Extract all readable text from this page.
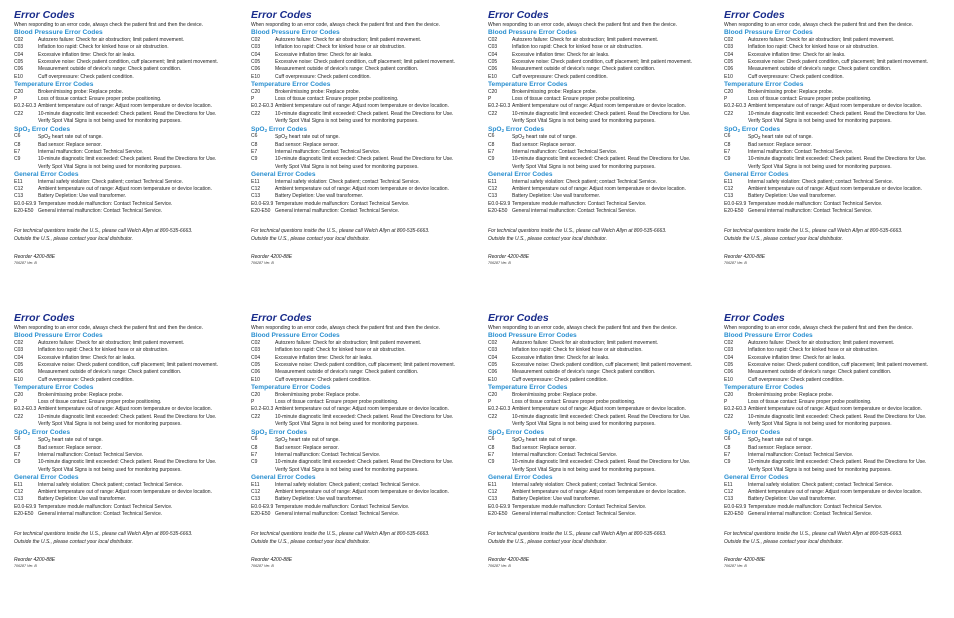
Error Codes
When responding to an error code, always check the patient first and then the device.
Blood Pressure Error Codes
C02	Autozero failure: Check for air obstruction; limit patient movement.
C03	Inflation too rapid: Check for kinked hose or air obstruction.
C04	Excessive inflation time: Check for air leaks.
C05	Excessive noise: Check patient condition, cuff placement; limit patient movement.
C06	Measurement outside of device's range: Check patient condition.
E10	Cuff overpressure: Check patient condition.
Temperature Error Codes
C20	Broken/missing probe: Replace probe.
P	Loss of tissue contact: Ensure proper probe positioning.
E0.2-E0.3 Ambient temperature out of range: Adjust room temperature or device location.
C22	10-minute diagnostic limit exceeded: Check patient. Read the Directions for Use.
Verify Spot Vital Signs is not being used for monitoring purposes.
SpO2 Error Codes
C6	SpO2 heart rate out of range.
C8	Bad sensor: Replace sensor.
E7	Internal malfunction: Contact Technical Service.
C9	10-minute diagnostic limit exceeded: Check patient. Read the Directions for Use.
Verify Spot Vital Signs is not being used for monitoring purposes.
General Error Codes
E11	Internal safety violation: Check patient; contact Technical Service.
C12	Ambient temperature out of range: Adjust room temperature or device location.
C13	Battery Depletion: Use wall transformer.
E0.0-E9.9 Temperature module malfunction: Contact Technical Service.
E20-E50 General internal malfunction: Contact Technical Service.
For technical questions inside the U.S., please call Welch Allyn at 800-535-6663.
Outside the U.S., please contact your local distributor.
Reorder 4200-88E
706287 Ver. B
Error Codes
When responding to an error code, always check the patient first and then the device.
Blood Pressure Error Codes
C02	Autozero failure: Check for air obstruction; limit patient movement.
C03	Inflation too rapid: Check for kinked hose or air obstruction.
C04	Excessive inflation time: Check for air leaks.
C05	Excessive noise: Check patient condition, cuff placement; limit patient movement.
C06	Measurement outside of device's range: Check patient condition.
E10	Cuff overpressure: Check patient condition.
Temperature Error Codes
C20	Broken/missing probe: Replace probe.
P	Loss of tissue contact: Ensure proper probe positioning.
E0.2-E0.3 Ambient temperature out of range: Adjust room temperature or device location.
C22	10-minute diagnostic limit exceeded: Check patient. Read the Directions for Use.
Verify Spot Vital Signs is not being used for monitoring purposes.
SpO2 Error Codes
C6	SpO2 heart rate out of range.
C8	Bad sensor: Replace sensor.
E7	Internal malfunction: Contact Technical Service.
C9	10-minute diagnostic limit exceeded: Check patient. Read the Directions for Use.
Verify Spot Vital Signs is not being used for monitoring purposes.
General Error Codes
E11	Internal safety violation: Check patient; contact Technical Service.
C12	Ambient temperature out of range: Adjust room temperature or device location.
C13	Battery Depletion: Use wall transformer.
E0.0-E9.9 Temperature module malfunction: Contact Technical Service.
E20-E50 General internal malfunction: Contact Technical Service.
For technical questions inside the U.S., please call Welch Allyn at 800-535-6663.
Outside the U.S., please contact your local distributor.
Reorder 4200-88E
706287 Ver. B
Error Codes
When responding to an error code, always check the patient first and then the device.
Blood Pressure Error Codes
C02	Autozero failure: Check for air obstruction; limit patient movement.
C03	Inflation too rapid: Check for kinked hose or air obstruction.
C04	Excessive inflation time: Check for air leaks.
C05	Excessive noise: Check patient condition, cuff placement; limit patient movement.
C06	Measurement outside of device's range: Check patient condition.
E10	Cuff overpressure: Check patient condition.
Temperature Error Codes
C20	Broken/missing probe: Replace probe.
P	Loss of tissue contact: Ensure proper probe positioning.
E0.2-E0.3 Ambient temperature out of range: Adjust room temperature or device location.
C22	10-minute diagnostic limit exceeded: Check patient. Read the Directions for Use.
Verify Spot Vital Signs is not being used for monitoring purposes.
SpO2 Error Codes
C6	SpO2 heart rate out of range.
C8	Bad sensor: Replace sensor.
E7	Internal malfunction: Contact Technical Service.
C9	10-minute diagnostic limit exceeded: Check patient. Read the Directions for Use.
Verify Spot Vital Signs is not being used for monitoring purposes.
General Error Codes
E11	Internal safety violation: Check patient; contact Technical Service.
C12	Ambient temperature out of range: Adjust room temperature or device location.
C13	Battery Depletion: Use wall transformer.
E0.0-E9.9 Temperature module malfunction: Contact Technical Service.
E20-E50 General internal malfunction: Contact Technical Service.
For technical questions inside the U.S., please call Welch Allyn at 800-535-6663.
Outside the U.S., please contact your local distributor.
Reorder 4200-88E
706287 Ver. B
Error Codes
When responding to an error code, always check the patient first and then the device.
Blood Pressure Error Codes
C02	Autozero failure: Check for air obstruction; limit patient movement.
C03	Inflation too rapid: Check for kinked hose or air obstruction.
C04	Excessive inflation time: Check for air leaks.
C05	Excessive noise: Check patient condition, cuff placement; limit patient movement.
C06	Measurement outside of device's range: Check patient condition.
E10	Cuff overpressure: Check patient condition.
Temperature Error Codes
C20	Broken/missing probe: Replace probe.
P	Loss of tissue contact: Ensure proper probe positioning.
E0.2-E0.3 Ambient temperature out of range: Adjust room temperature or device location.
C22	10-minute diagnostic limit exceeded: Check patient. Read the Directions for Use.
Verify Spot Vital Signs is not being used for monitoring purposes.
SpO2 Error Codes
C6	SpO2 heart rate out of range.
C8	Bad sensor: Replace sensor.
E7	Internal malfunction: Contact Technical Service.
C9	10-minute diagnostic limit exceeded: Check patient. Read the Directions for Use.
Verify Spot Vital Signs is not being used for monitoring purposes.
General Error Codes
E11	Internal safety violation: Check patient; contact Technical Service.
C12	Ambient temperature out of range: Adjust room temperature or device location.
C13	Battery Depletion: Use wall transformer.
E0.0-E9.9 Temperature module malfunction: Contact Technical Service.
E20-E50 General internal malfunction: Contact Technical Service.
For technical questions inside the U.S., please call Welch Allyn at 800-535-6663.
Outside the U.S., please contact your local distributor.
Reorder 4200-88E
706287 Ver. B
Error Codes
When responding to an error code, always check the patient first and then the device.
Blood Pressure Error Codes
C02	Autozero failure: Check for air obstruction; limit patient movement.
C03	Inflation too rapid: Check for kinked hose or air obstruction.
C04	Excessive inflation time: Check for air leaks.
C05	Excessive noise: Check patient condition, cuff placement; limit patient movement.
C06	Measurement outside of device's range: Check patient condition.
E10	Cuff overpressure: Check patient condition.
Temperature Error Codes
C20	Broken/missing probe: Replace probe.
P	Loss of tissue contact: Ensure proper probe positioning.
E0.2-E0.3 Ambient temperature out of range: Adjust room temperature or device location.
C22	10-minute diagnostic limit exceeded: Check patient. Read the Directions for Use.
Verify Spot Vital Signs is not being used for monitoring purposes.
SpO2 Error Codes
C6	SpO2 heart rate out of range.
C8	Bad sensor: Replace sensor.
E7	Internal malfunction: Contact Technical Service.
C9	10-minute diagnostic limit exceeded: Check patient. Read the Directions for Use.
Verify Spot Vital Signs is not being used for monitoring purposes.
General Error Codes
E11	Internal safety violation: Check patient; contact Technical Service.
C12	Ambient temperature out of range: Adjust room temperature or device location.
C13	Battery Depletion: Use wall transformer.
E0.0-E9.9 Temperature module malfunction: Contact Technical Service.
E20-E50 General internal malfunction: Contact Technical Service.
For technical questions inside the U.S., please call Welch Allyn at 800-535-6663.
Outside the U.S., please contact your local distributor.
Reorder 4200-88E
706287 Ver. B
Error Codes
When responding to an error code, always check the patient first and then the device.
Blood Pressure Error Codes
C02	Autozero failure: Check for air obstruction; limit patient movement.
C03	Inflation too rapid: Check for kinked hose or air obstruction.
C04	Excessive inflation time: Check for air leaks.
C05	Excessive noise: Check patient condition, cuff placement; limit patient movement.
C06	Measurement outside of device's range: Check patient condition.
E10	Cuff overpressure: Check patient condition.
Temperature Error Codes
C20	Broken/missing probe: Replace probe.
P	Loss of tissue contact: Ensure proper probe positioning.
E0.2-E0.3 Ambient temperature out of range: Adjust room temperature or device location.
C22	10-minute diagnostic limit exceeded: Check patient. Read the Directions for Use.
Verify Spot Vital Signs is not being used for monitoring purposes.
SpO2 Error Codes
C6	SpO2 heart rate out of range.
C8	Bad sensor: Replace sensor.
E7	Internal malfunction: Contact Technical Service.
C9	10-minute diagnostic limit exceeded: Check patient. Read the Directions for Use.
Verify Spot Vital Signs is not being used for monitoring purposes.
General Error Codes
E11	Internal safety violation: Check patient; contact Technical Service.
C12	Ambient temperature out of range: Adjust room temperature or device location.
C13	Battery Depletion: Use wall transformer.
E0.0-E9.9 Temperature module malfunction: Contact Technical Service.
E20-E50 General internal malfunction: Contact Technical Service.
For technical questions inside the U.S., please call Welch Allyn at 800-535-6663.
Outside the U.S., please contact your local distributor.
Reorder 4200-88E
706287 Ver. B
Error Codes
When responding to an error code, always check the patient first and then the device.
Blood Pressure Error Codes
C02	Autozero failure: Check for air obstruction; limit patient movement.
C03	Inflation too rapid: Check for kinked hose or air obstruction.
C04	Excessive inflation time: Check for air leaks.
C05	Excessive noise: Check patient condition, cuff placement; limit patient movement.
C06	Measurement outside of device's range: Check patient condition.
E10	Cuff overpressure: Check patient condition.
Temperature Error Codes
C20	Broken/missing probe: Replace probe.
P	Loss of tissue contact: Ensure proper probe positioning.
E0.2-E0.3 Ambient temperature out of range: Adjust room temperature or device location.
C22	10-minute diagnostic limit exceeded: Check patient. Read the Directions for Use.
Verify Spot Vital Signs is not being used for monitoring purposes.
SpO2 Error Codes
C6	SpO2 heart rate out of range.
C8	Bad sensor: Replace sensor.
E7	Internal malfunction: Contact Technical Service.
C9	10-minute diagnostic limit exceeded: Check patient. Read the Directions for Use.
Verify Spot Vital Signs is not being used for monitoring purposes.
General Error Codes
E11	Internal safety violation: Check patient; contact Technical Service.
C12	Ambient temperature out of range: Adjust room temperature or device location.
C13	Battery Depletion: Use wall transformer.
E0.0-E9.9 Temperature module malfunction: Contact Technical Service.
E20-E50 General internal malfunction: Contact Technical Service.
For technical questions inside the U.S., please call Welch Allyn at 800-535-6663.
Outside the U.S., please contact your local distributor.
Reorder 4200-88E
706287 Ver. B
Error Codes
When responding to an error code, always check the patient first and then the device.
Blood Pressure Error Codes
C02	Autozero failure: Check for air obstruction; limit patient movement.
C03	Inflation too rapid: Check for kinked hose or air obstruction.
C04	Excessive inflation time: Check for air leaks.
C05	Excessive noise: Check patient condition, cuff placement; limit patient movement.
C06	Measurement outside of device's range: Check patient condition.
E10	Cuff overpressure: Check patient condition.
Temperature Error Codes
C20	Broken/missing probe: Replace probe.
P	Loss of tissue contact: Ensure proper probe positioning.
E0.2-E0.3 Ambient temperature out of range: Adjust room temperature or device location.
C22	10-minute diagnostic limit exceeded: Check patient. Read the Directions for Use.
Verify Spot Vital Signs is not being used for monitoring purposes.
SpO2 Error Codes
C6	SpO2 heart rate out of range.
C8	Bad sensor: Replace sensor.
E7	Internal malfunction: Contact Technical Service.
C9	10-minute diagnostic limit exceeded: Check patient. Read the Directions for Use.
Verify Spot Vital Signs is not being used for monitoring purposes.
General Error Codes
E11	Internal safety violation: Check patient; contact Technical Service.
C12	Ambient temperature out of range: Adjust room temperature or device location.
C13	Battery Depletion: Use wall transformer.
E0.0-E9.9 Temperature module malfunction: Contact Technical Service.
E20-E50 General internal malfunction: Contact Technical Service.
For technical questions inside the U.S., please call Welch Allyn at 800-535-6663.
Outside the U.S., please contact your local distributor.
Reorder 4200-88E
706287 Ver. B
